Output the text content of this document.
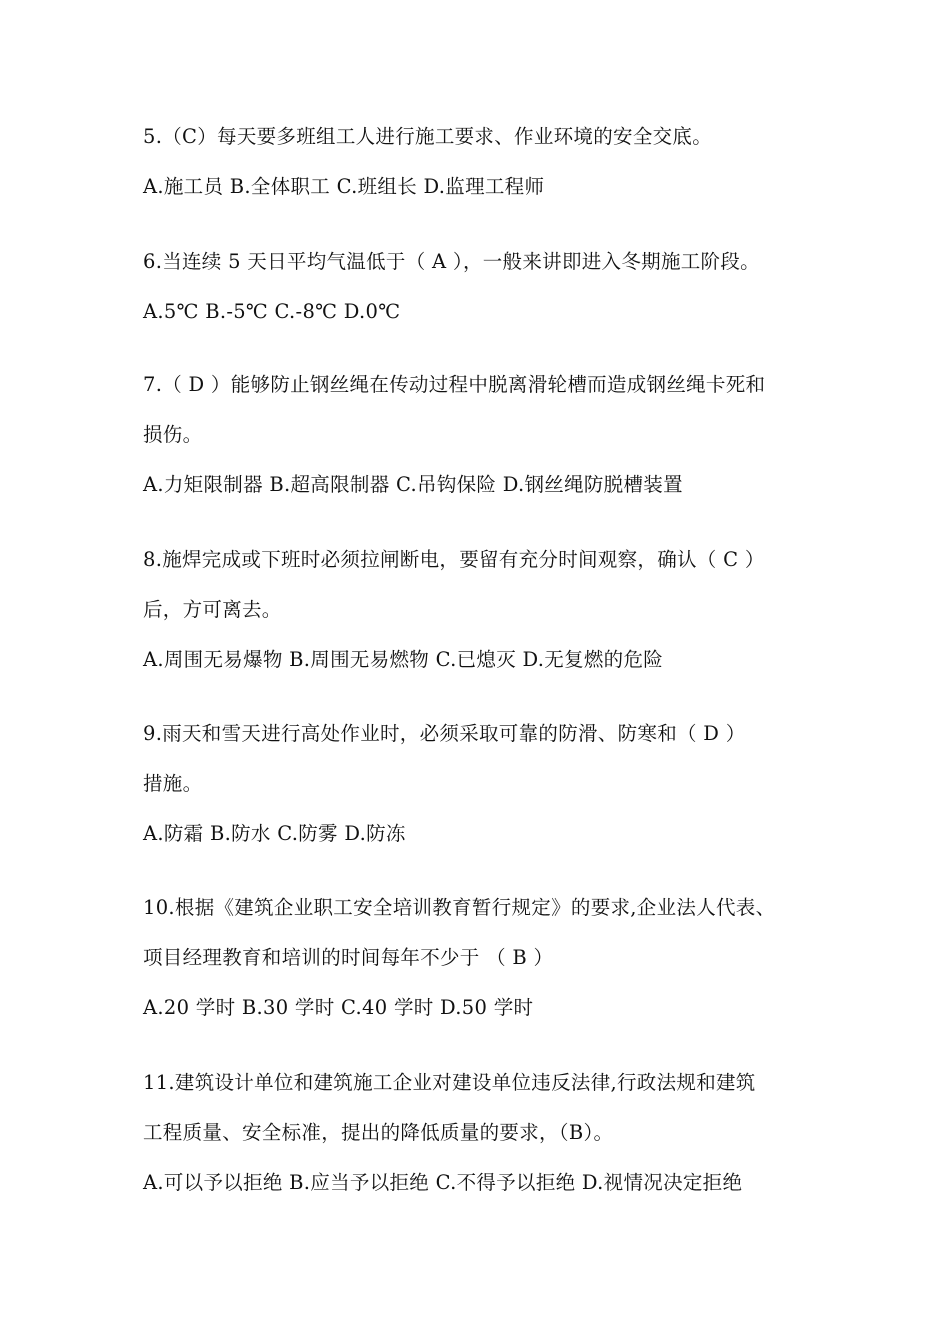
5.（C）每天要多班组工人进行施工要求、作业环境的安全交底。
A.施工员 B.全体职工 C.班组长 D.监理工程师
6.当连续 5 天日平均气温低于（ A ），一般来讲即进入冬期施工阶段。
A.5℃ B.-5℃ C.-8℃ D.0℃
7.（ D ）能够防止钢丝绳在传动过程中脱离滑轮槽而造成钢丝绳卡死和
损伤。
A.力矩限制器 B.超高限制器 C.吊钩保险 D.钢丝绳防脱槽装置
8.施焊完成或下班时必须拉闸断电，要留有充分时间观察，确认（ C ）
后，方可离去。
A.周围无易爆物 B.周围无易燃物 C.已熄灭 D.无复燃的危险
9.雨天和雪天进行高处作业时，必须采取可靠的防滑、防寒和（ D ）
措施。
A.防霜 B.防水 C.防雾 D.防冻
10.根据《建筑企业职工安全培训教育暂行规定》的要求,企业法人代表、
项目经理教育和培训的时间每年不少于 （ B ）
A.20 学时 B.30 学时 C.40 学时 D.50 学时
11.建筑设计单位和建筑施工企业对建设单位违反法律,行政法规和建筑
工程质量、安全标准，提出的降低质量的要求，（B）。
A.可以予以拒绝 B.应当予以拒绝 C.不得予以拒绝 D.视情况决定拒绝
